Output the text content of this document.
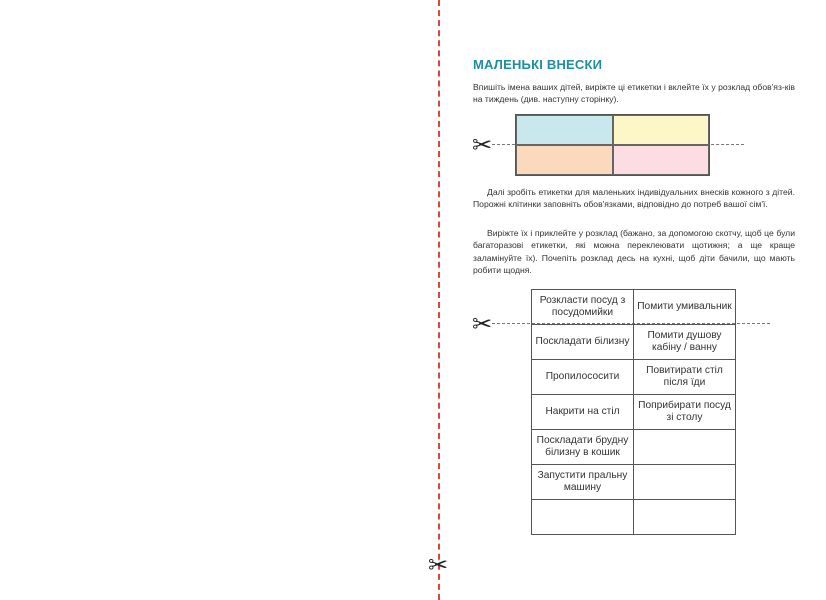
✂
МАЛЕНЬКІ ВНЕСКИ
Впишіть імена ваших дітей, виріжте ці етикетки і вклейте їх у розклад обов'яз-ків на тиждень (див. наступну сторінку).
✂
Далі зробіть етикетки для маленьких індивідуальних внесків кожного з дітей. Порожні клітинки заповніть обов'язками, відповідно до потреб вашої сім'ї.
Виріжте їх і приклейте у розклад (бажано, за допомогою скотчу, щоб це були багаторазові етикетки, які можна переклеювати щотижня; а ще краще заламінуйте їх). Почепіть розклад десь на кухні, щоб діти бачили, що мають робити щодня.
✂
Розкласти посуд з посудомийки	Помити умивальник
Поскладати білизну	Помити душову кабіну / ванну
Пропилососити	Повитирати стіл після їди
Накрити на стіл	Поприбирати посуд зі столу
Посклaдати брудну білизну в кошик	
Запустити пральну машину	
